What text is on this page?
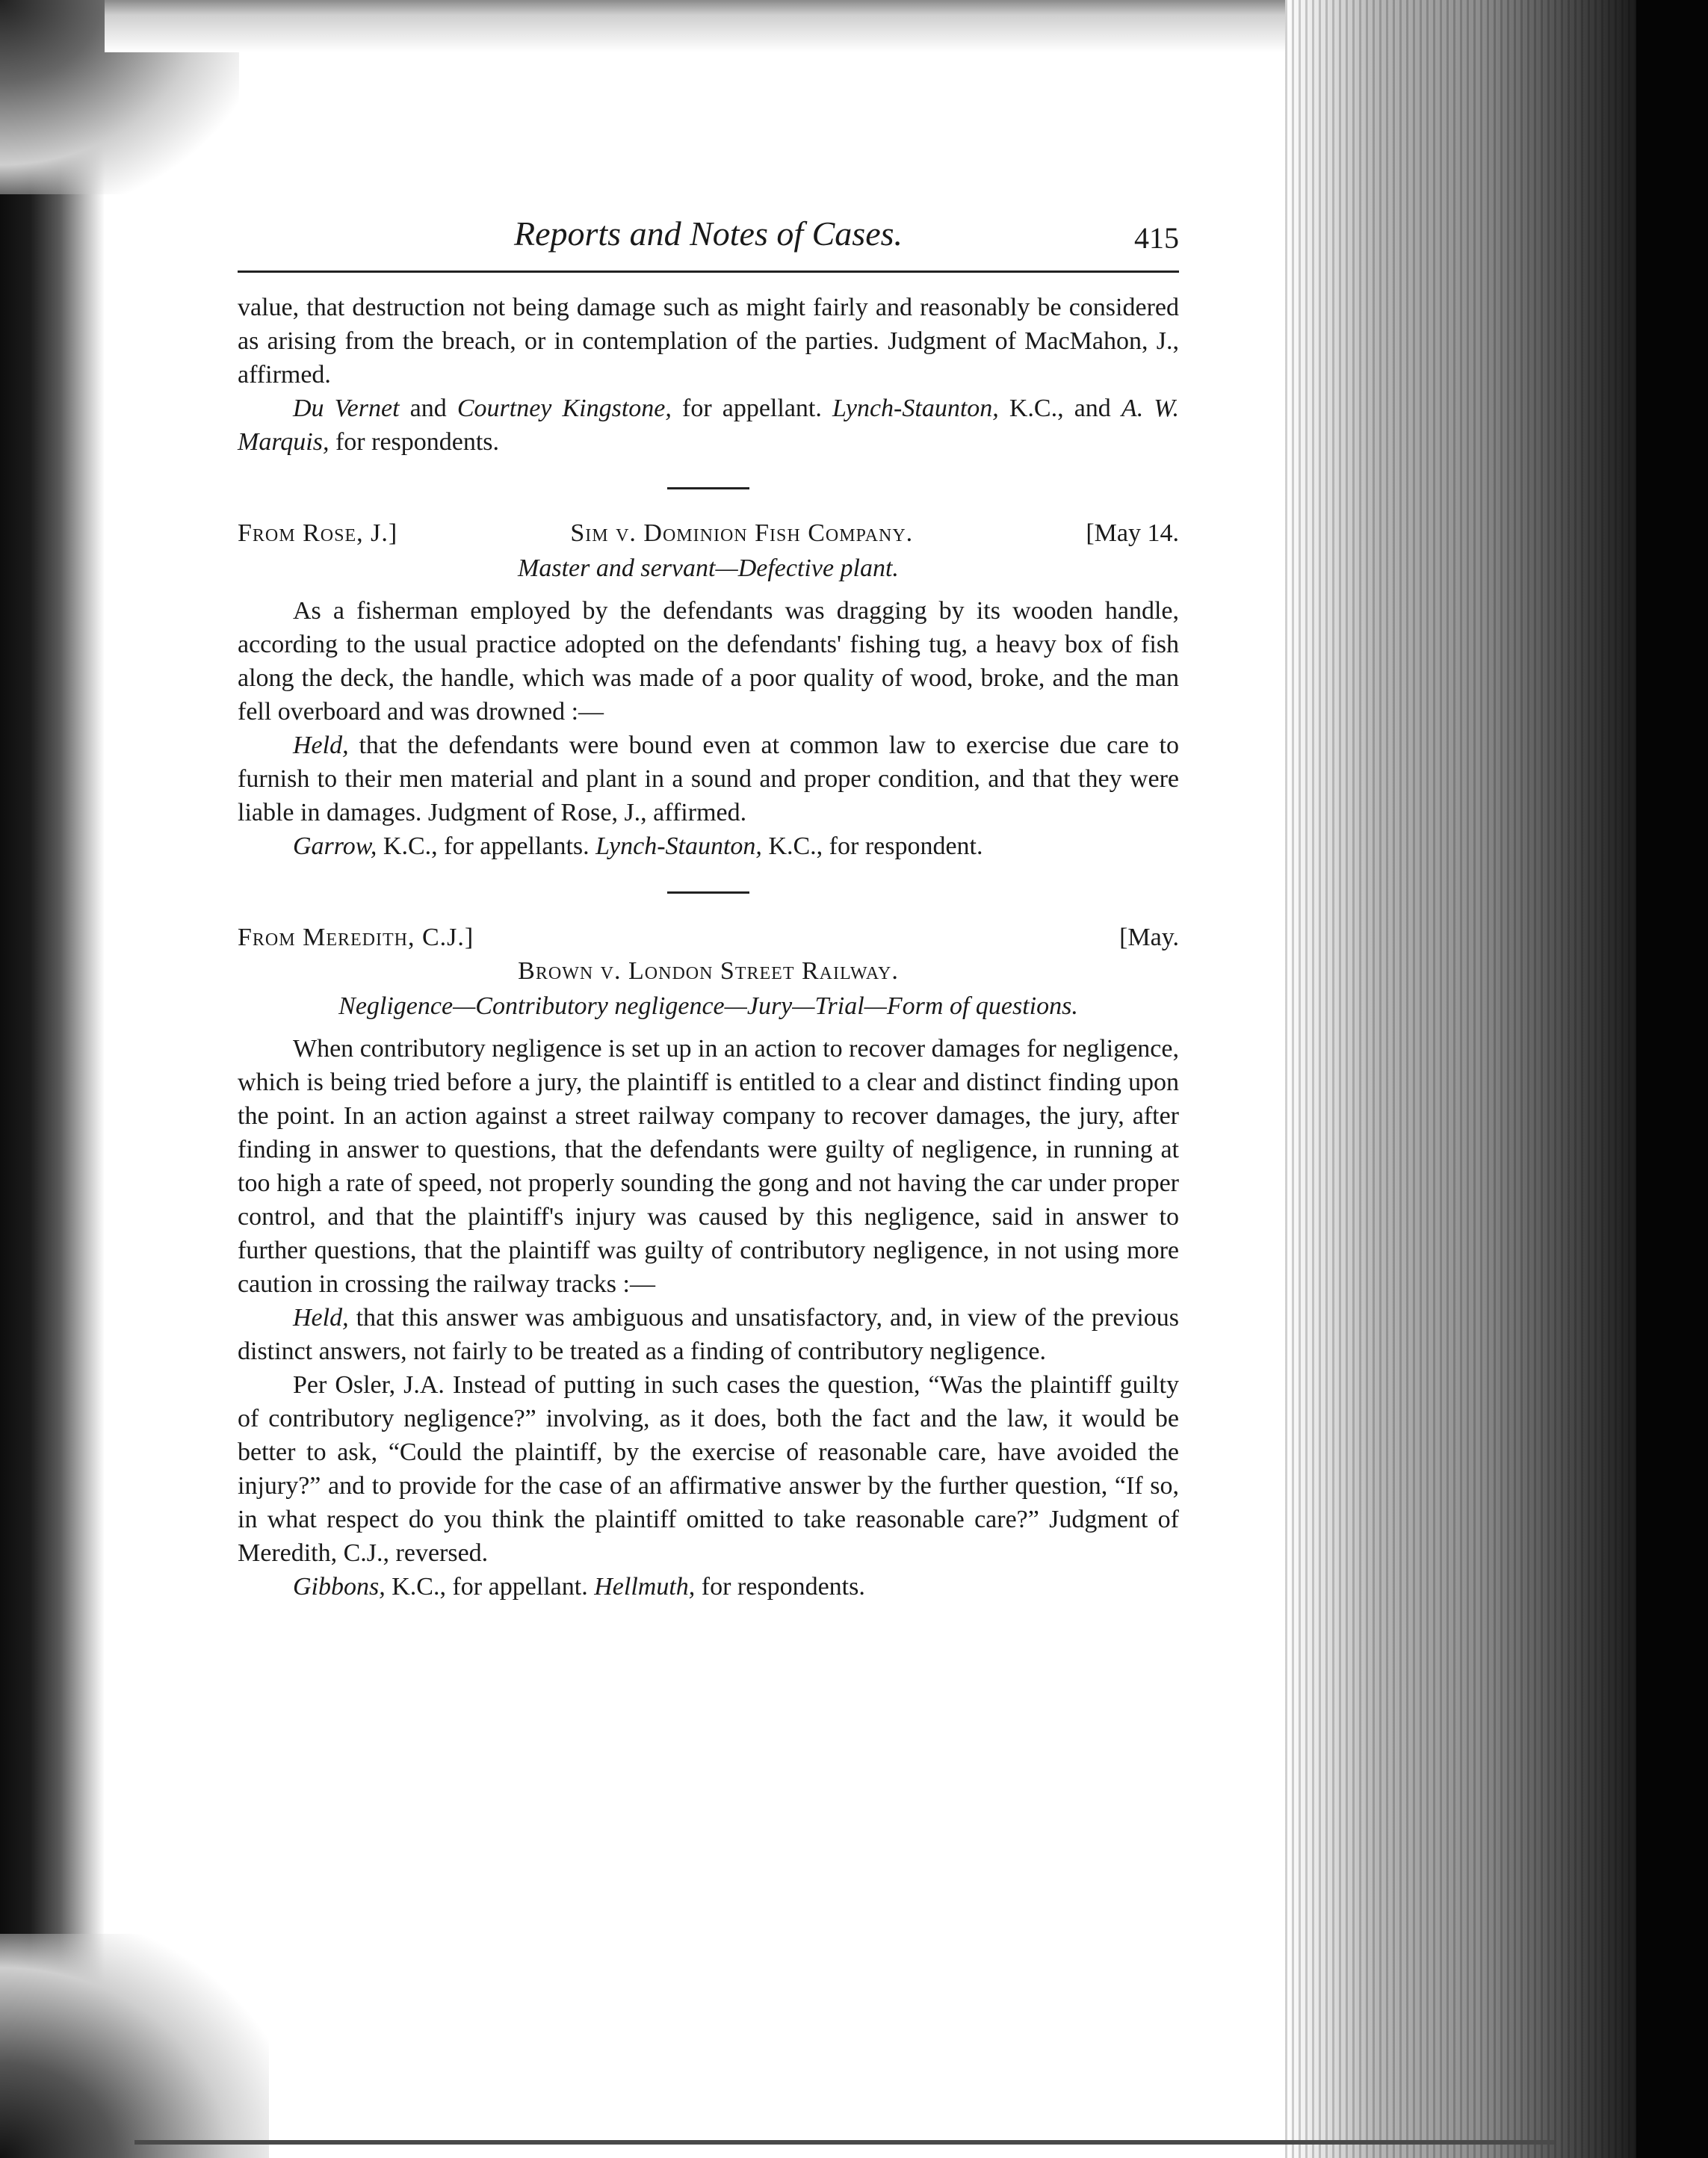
Reports and Notes of Cases.	415

value, that destruction not being damage such as might fairly and reasonably be considered as arising from the breach, or in contemplation of the parties. Judgment of MacMahon, J., affirmed.

Du Vernet and Courtney Kingstone, for appellant. Lynch-Staunton, K.C., and A. W. Marquis, for respondents.

From Rose, J.]	Sim v. Dominion Fish Company.	[May 14.
Master and servant—Defective plant.

As a fisherman employed by the defendants was dragging by its wooden handle, according to the usual practice adopted on the defendants' fishing tug, a heavy box of fish along the deck, the handle, which was made of a poor quality of wood, broke, and the man fell overboard and was drowned :—

Held, that the defendants were bound even at common law to exercise due care to furnish to their men material and plant in a sound and proper condition, and that they were liable in damages. Judgment of Rose, J., affirmed.

Garrow, K.C., for appellants. Lynch-Staunton, K.C., for respondent.

From Meredith, C.J.]	[May.
Brown v. London Street Railway.
Negligence—Contributory negligence—Jury—Trial—Form of questions.

When contributory negligence is set up in an action to recover damages for negligence, which is being tried before a jury, the plaintiff is entitled to a clear and distinct finding upon the point. In an action against a street railway company to recover damages, the jury, after finding in answer to questions, that the defendants were guilty of negligence, in running at too high a rate of speed, not properly sounding the gong and not having the car under proper control, and that the plaintiff's injury was caused by this negligence, said in answer to further questions, that the plaintiff was guilty of contributory negligence, in not using more caution in crossing the railway tracks :—

Held, that this answer was ambiguous and unsatisfactory, and, in view of the previous distinct answers, not fairly to be treated as a finding of contributory negligence.

Per Osler, J.A. Instead of putting in such cases the question, “Was the plaintiff guilty of contributory negligence?” involving, as it does, both the fact and the law, it would be better to ask, “Could the plaintiff, by the exercise of reasonable care, have avoided the injury?” and to provide for the case of an affirmative answer by the further question, “If so, in what respect do you think the plaintiff omitted to take reasonable care?” Judgment of Meredith, C.J., reversed.

Gibbons, K.C., for appellant. Hellmuth, for respondents.
